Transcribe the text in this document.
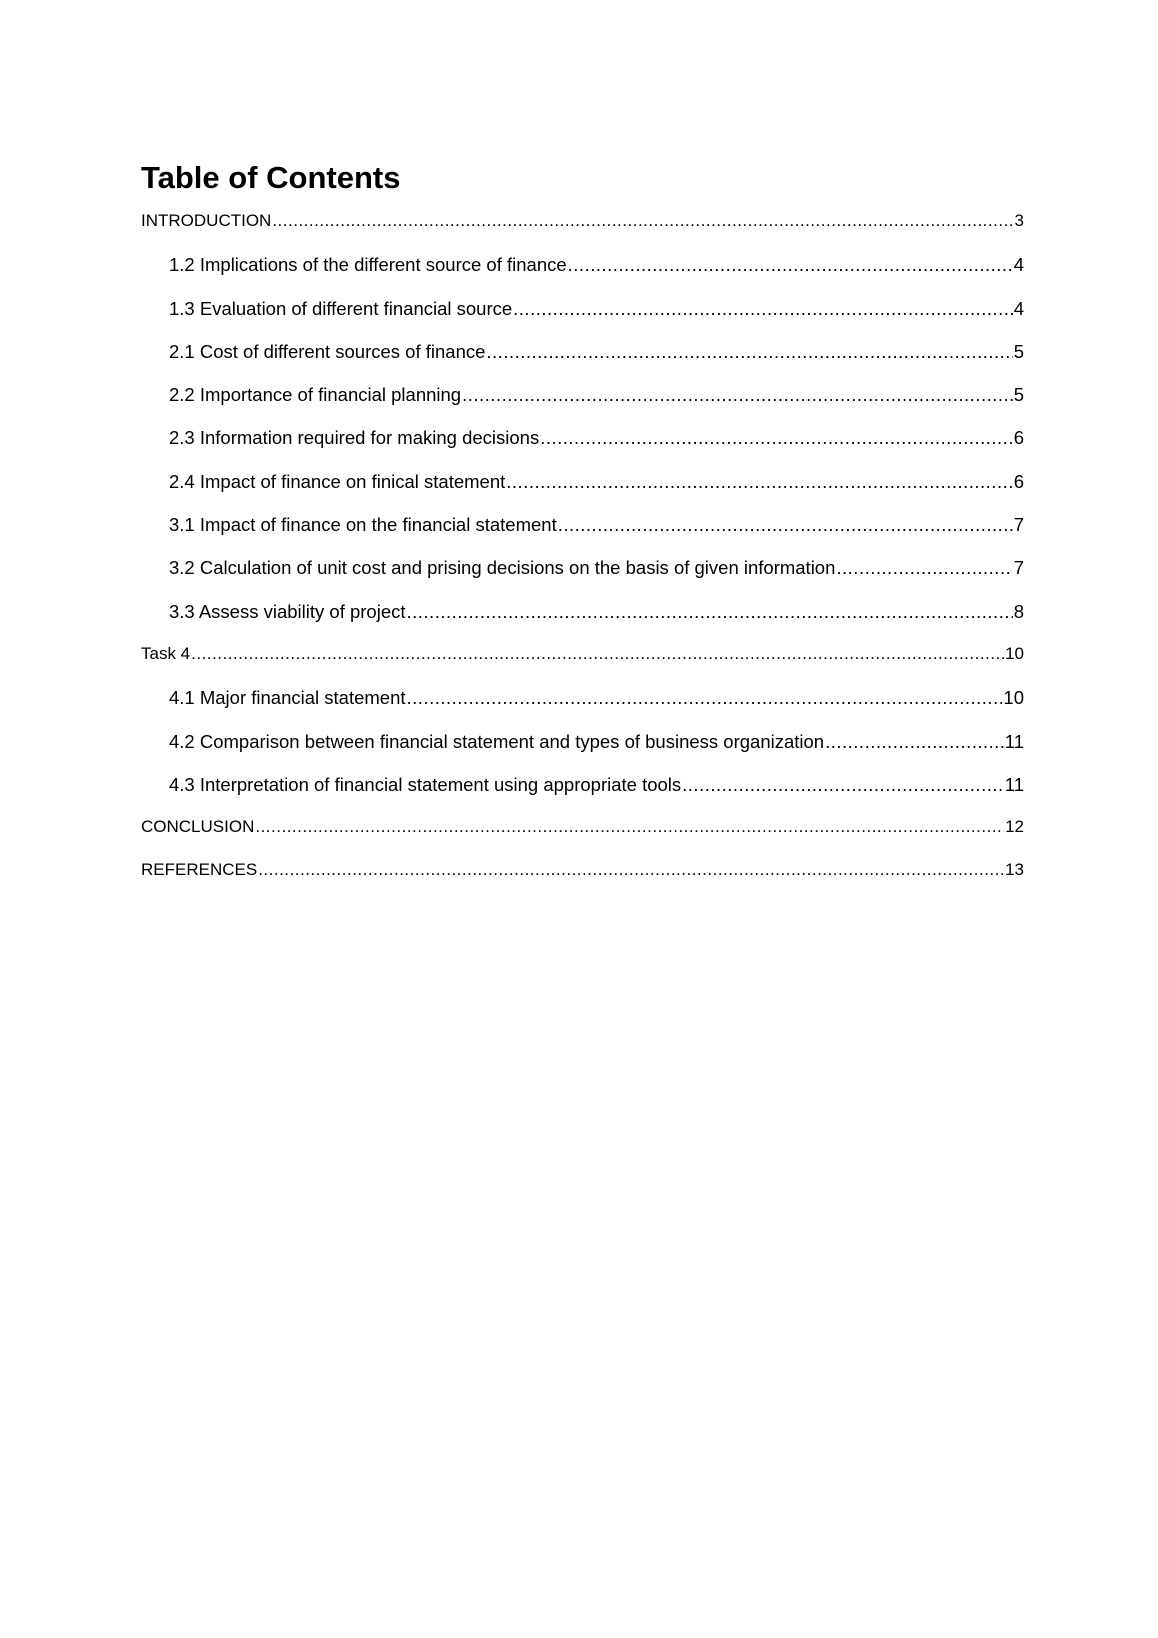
Table of Contents
INTRODUCTION .....	3
1.2 Implications of the different source of finance .....	4
1.3 Evaluation of different financial source .....	4
2.1 Cost of different sources of finance .....	5
2.2 Importance of financial planning .....	5
2.3 Information required for making decisions .....	6
2.4 Impact of finance on finical statement .....	6
3.1 Impact of finance on the financial statement .....	7
3.2 Calculation of unit cost and prising decisions on the basis of given information .....	7
3.3 Assess viability of project .....	8
Task 4 .....	10
4.1 Major financial statement .....	10
4.2 Comparison between financial statement and types of business organization .....	11
4.3 Interpretation of financial statement using appropriate tools .....	11
CONCLUSION .....	12
REFERENCES .....	13
